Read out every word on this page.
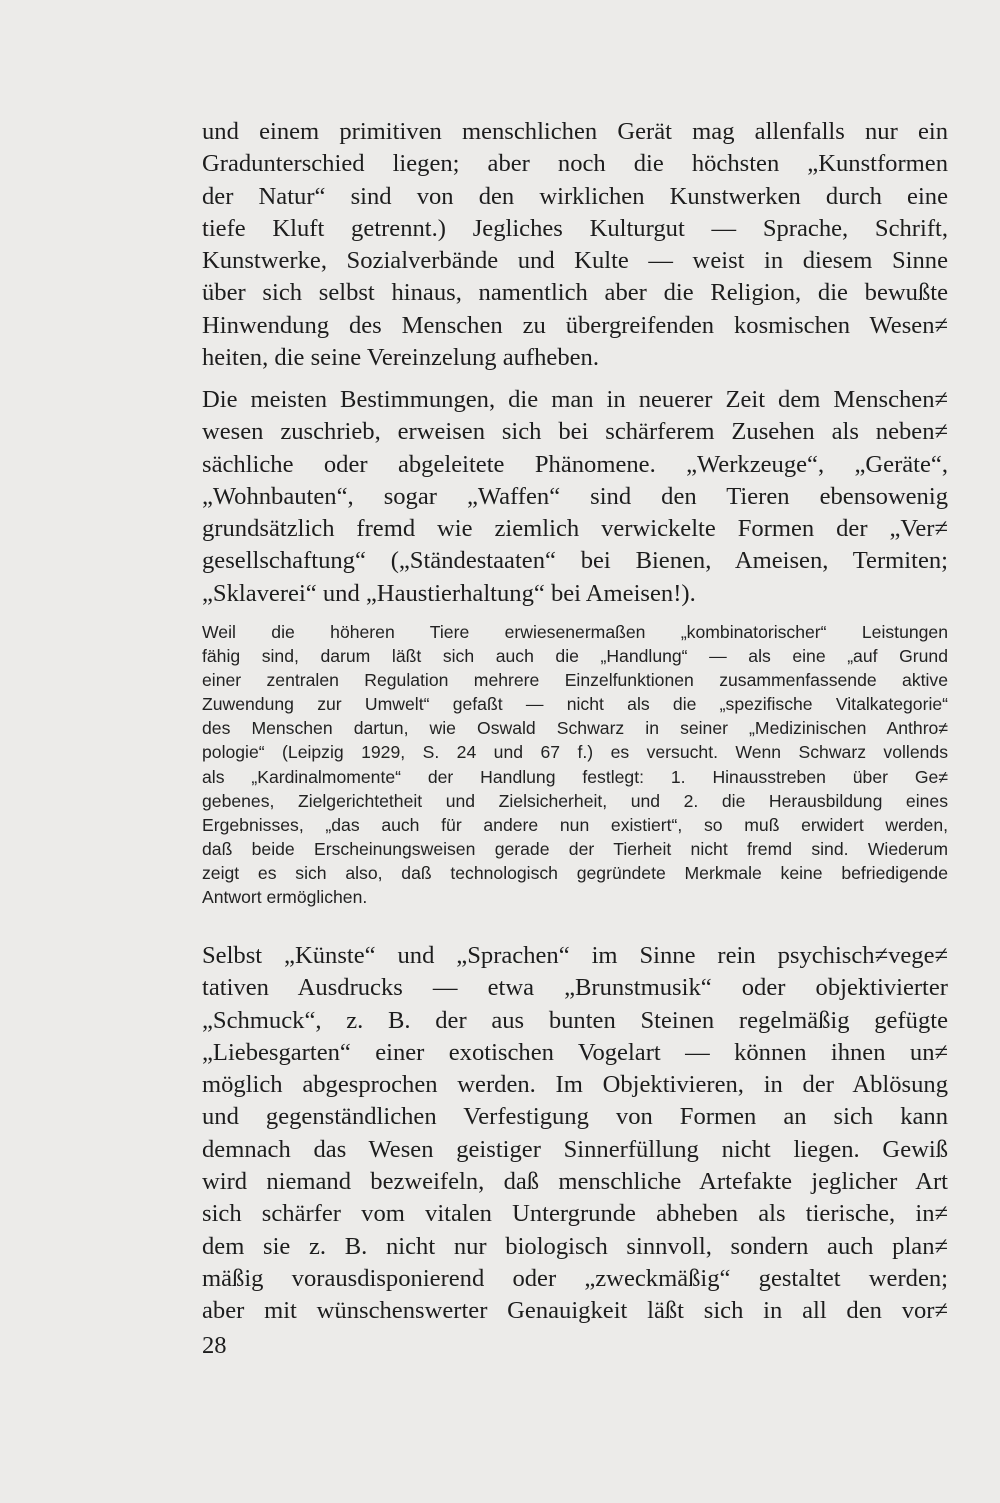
und einem primitiven menschlichen Gerät mag allenfalls nur ein
Gradunterschied liegen; aber noch die höchsten „Kunstformen
der Natur“ sind von den wirklichen Kunstwerken durch eine
tiefe Kluft getrennt.) Jegliches Kulturgut — Sprache, Schrift,
Kunstwerke, Sozialverbände und Kulte — weist in diesem Sinne
über sich selbst hinaus, namentlich aber die Religion, die bewußte
Hinwendung des Menschen zu übergreifenden kosmischen Wesen≠
heiten, die seine Vereinzelung aufheben.
Die meisten Bestimmungen, die man in neuerer Zeit dem Menschen≠
wesen zuschrieb, erweisen sich bei schärferem Zusehen als neben≠
sächliche oder abgeleitete Phänomene. „Werkzeuge“, „Geräte“,
„Wohnbauten“, sogar „Waffen“ sind den Tieren ebensowenig
grundsätzlich fremd wie ziemlich verwickelte Formen der „Ver≠
gesellschaftung“ („Ständestaaten“ bei Bienen, Ameisen, Termiten;
„Sklaverei“ und „Haustierhaltung“ bei Ameisen!).
Weil die höheren Tiere erwiesenermaßen „kombinatorischer“ Leistungen
fähig sind, darum läßt sich auch die „Handlung“ — als eine „auf Grund
einer zentralen Regulation mehrere Einzelfunktionen zusammenfassende aktive
Zuwendung zur Umwelt“ gefaßt — nicht als die „spezifische Vitalkategorie“
des Menschen dartun, wie Oswald Schwarz in seiner „Medizinischen Anthro≠
pologie“ (Leipzig 1929, S. 24 und 67 f.) es versucht. Wenn Schwarz vollends
als „Kardinalmomente“ der Handlung festlegt: 1. Hinausstreben über Ge≠
gebenes, Zielgerichtetheit und Zielsicherheit, und 2. die Herausbildung eines
Ergebnisses, „das auch für andere nun existiert“, so muß erwidert werden,
daß beide Erscheinungsweisen gerade der Tierheit nicht fremd sind. Wiederum
zeigt es sich also, daß technologisch gegründete Merkmale keine befriedigende
Antwort ermöglichen.
Selbst „Künste“ und „Sprachen“ im Sinne rein psychisch≠vege≠
tativen Ausdrucks — etwa „Brunstmusik“ oder objektivierter
„Schmuck“, z. B. der aus bunten Steinen regelmäßig gefügte
„Liebesgarten“ einer exotischen Vogelart — können ihnen un≠
möglich abgesprochen werden. Im Objektivieren, in der Ablösung
und gegenständlichen Verfestigung von Formen an sich kann
demnach das Wesen geistiger Sinnerfüllung nicht liegen. Gewiß
wird niemand bezweifeln, daß menschliche Artefakte jeglicher Art
sich schärfer vom vitalen Untergrunde abheben als tierische, in≠
dem sie z. B. nicht nur biologisch sinnvoll, sondern auch plan≠
mäßig vorausdisponierend oder „zweckmäßig“ gestaltet werden;
aber mit wünschenswerter Genauigkeit läßt sich in all den vor≠
28
